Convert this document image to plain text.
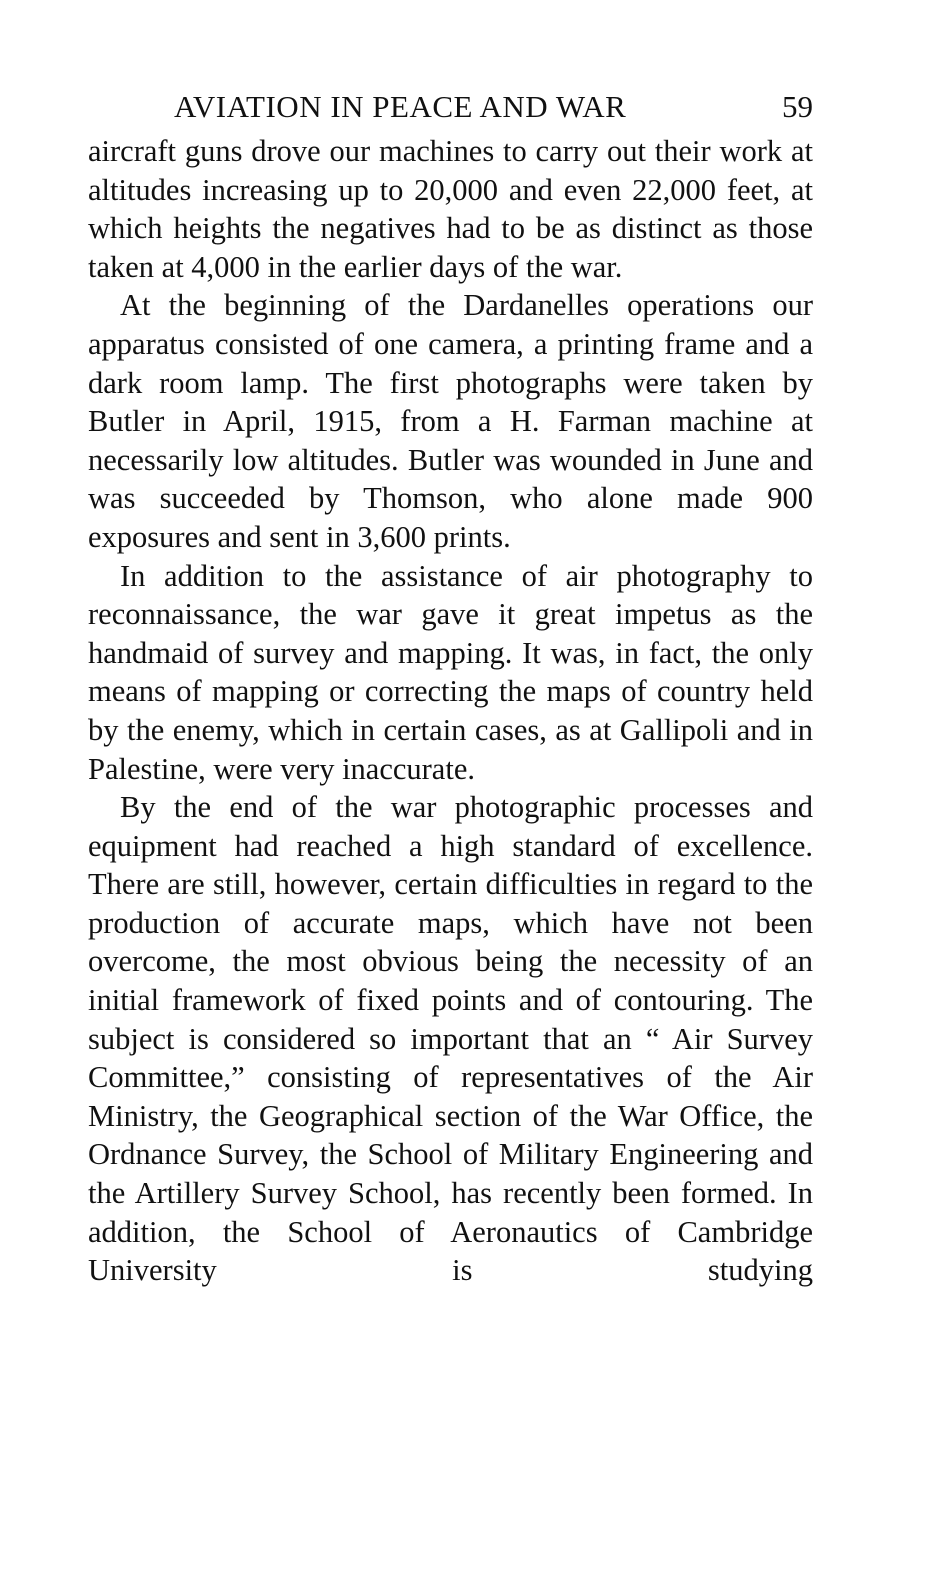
AVIATION IN PEACE AND WAR	59

aircraft guns drove our machines to carry out their work at altitudes increasing up to 20,000 and even 22,000 feet, at which heights the negatives had to be as distinct as those taken at 4,000 in the earlier days of the war.

At the beginning of the Dardanelles operations our apparatus consisted of one camera, a printing frame and a dark room lamp. The first photographs were taken by Butler in April, 1915, from a H. Farman machine at necessarily low altitudes. Butler was wounded in June and was succeeded by Thomson, who alone made 900 exposures and sent in 3,600 prints.

In addition to the assistance of air photography to reconnaissance, the war gave it great impetus as the handmaid of survey and mapping. It was, in fact, the only means of mapping or correcting the maps of country held by the enemy, which in certain cases, as at Gallipoli and in Palestine, were very inaccurate.

By the end of the war photographic processes and equipment had reached a high standard of excellence. There are still, however, certain difficulties in regard to the production of accurate maps, which have not been overcome, the most obvious being the necessity of an initial framework of fixed points and of contouring. The subject is considered so important that an “ Air Survey Committee,” consisting of representatives of the Air Ministry, the Geographical section of the War Office, the Ordnance Survey, the School of Military Engineering and the Artillery Survey School, has recently been formed. In addition, the School of Aeronautics of Cambridge University is studying
